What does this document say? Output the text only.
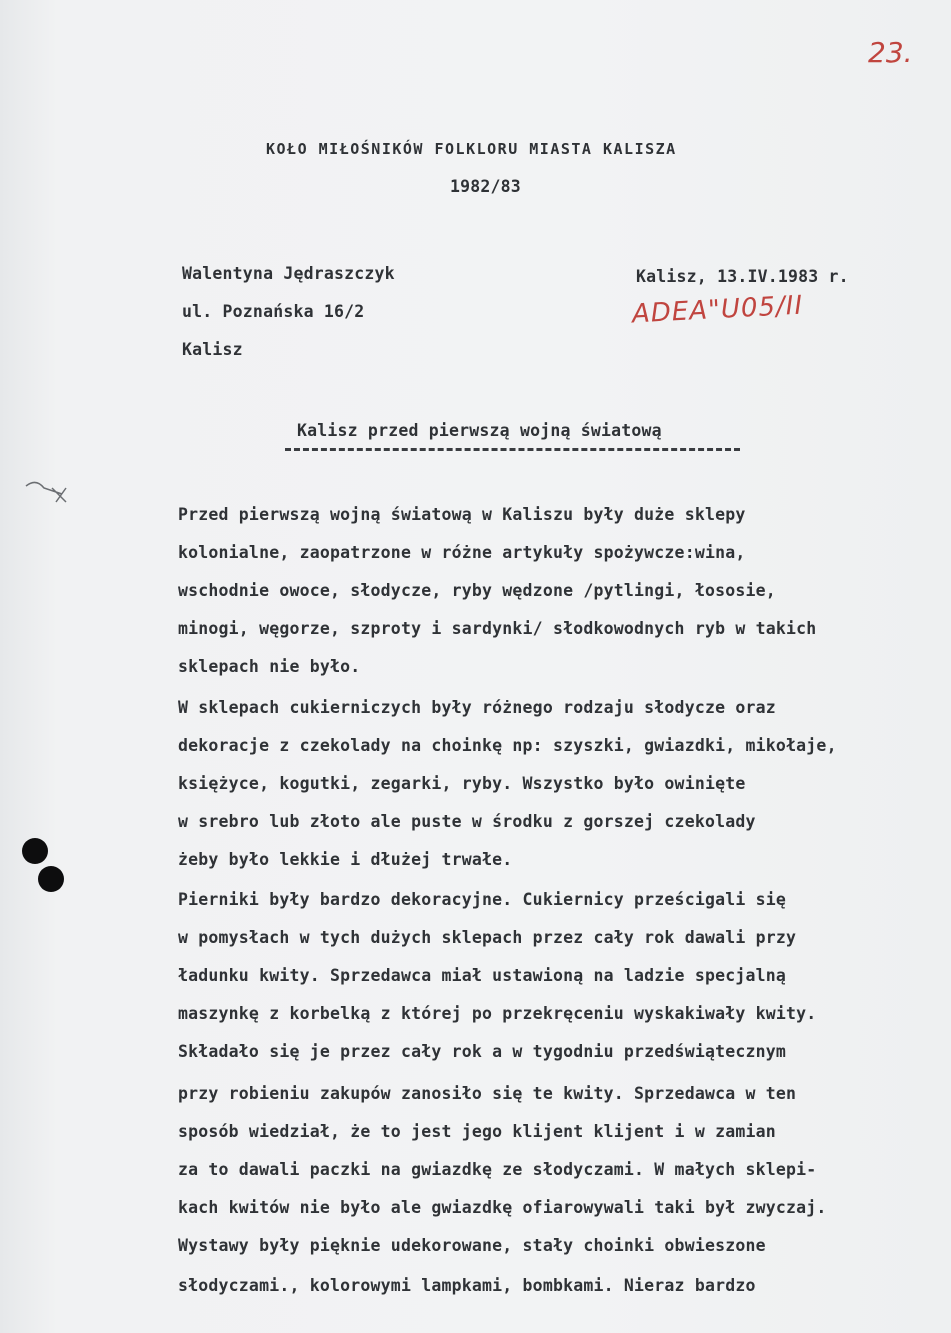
23.
KOŁO MIŁOŚNIKÓW FOLKLORU MIASTA KALISZA
1982/83
Walentyna Jędraszczyk
ul. Poznańska 16/2
Kalisz
Kalisz, 13.IV.1983 r.
ADEA"U05/II
Kalisz przed pierwszą wojną światową
Przed pierwszą wojną światową w Kaliszu były duże sklepy
kolonialne, zaopatrzone w różne artykuły spożywcze:wina,
wschodnie owoce, słodycze, ryby wędzone /pytlingi, łososie,
minogi, węgorze, szproty i sardynki/ słodkowodnych ryb w takich
sklepach nie było.
W sklepach cukierniczych były różnego rodzaju słodycze oraz
dekoracje z czekolady na choinkę np: szyszki, gwiazdki, mikołaje,
księżyce, kogutki, zegarki, ryby. Wszystko było owinięte
w srebro lub złoto ale puste w środku z gorszej czekolady
żeby było lekkie i dłużej trwałe.
Pierniki były bardzo dekoracyjne. Cukiernicy prześcigali się
w pomysłach w tych dużych sklepach przez cały rok dawali przy
ładunku kwity. Sprzedawca miał ustawioną na ladzie specjalną
maszynkę z korbelką z której po przekręceniu wyskakiwały kwity.
Składało się je przez cały rok a w tygodniu przedświątecznym
przy robieniu zakupów zanosiło się te kwity. Sprzedawca w ten
sposób wiedział, że to jest jego klijent klijent i w zamian
za to dawali paczki na gwiazdkę ze słodyczami. W małych sklepi-
kach kwitów nie było ale gwiazdkę ofiarowywali taki był zwyczaj.
Wystawy były pięknie udekorowane, stały choinki obwieszone
słodyczami., kolorowymi lampkami, bombkami. Nieraz bardzo
